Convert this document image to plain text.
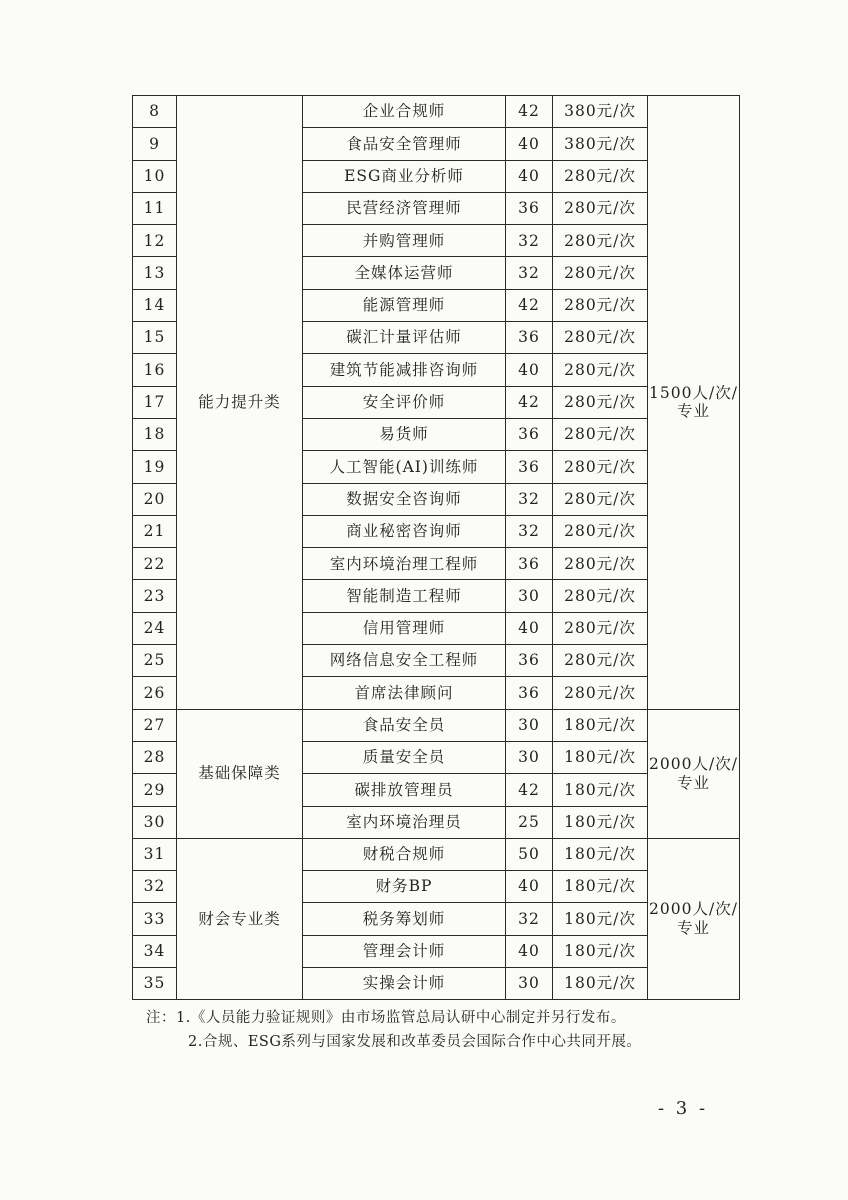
8	能力提升类	企业合规师	42	380元/次	1500人/次/专业
9		食品安全管理师	40	380元/次	
10		ESG商业分析师	40	280元/次	
11		民营经济管理师	36	280元/次	
12		并购管理师	32	280元/次	
13		全媒体运营师	32	280元/次	
14		能源管理师	42	280元/次	
15		碳汇计量评估师	36	280元/次	
16		建筑节能减排咨询师	40	280元/次	
17		安全评价师	42	280元/次	
18		易货师	36	280元/次	
19		人工智能(AI)训练师	36	280元/次	
20		数据安全咨询师	32	280元/次	
21		商业秘密咨询师	32	280元/次	
22		室内环境治理工程师	36	280元/次	
23		智能制造工程师	30	280元/次	
24		信用管理师	40	280元/次	
25		网络信息安全工程师	36	280元/次	
26		首席法律顾问	36	280元/次	
27	基础保障类	食品安全员	30	180元/次	2000人/次/专业
28		质量安全员	30	180元/次	
29		碳排放管理员	42	180元/次	
30		室内环境治理员	25	180元/次	
31	财会专业类	财税合规师	50	180元/次	2000人/次/专业
32		财务BP	40	180元/次	
33		税务筹划师	32	180元/次	
34		管理会计师	40	180元/次	
35		实操会计师	30	180元/次	
注：1.《人员能力验证规则》由市场监管总局认研中心制定并另行发布。
2.合规、ESG系列与国家发展和改革委员会国际合作中心共同开展。
- 3 -
